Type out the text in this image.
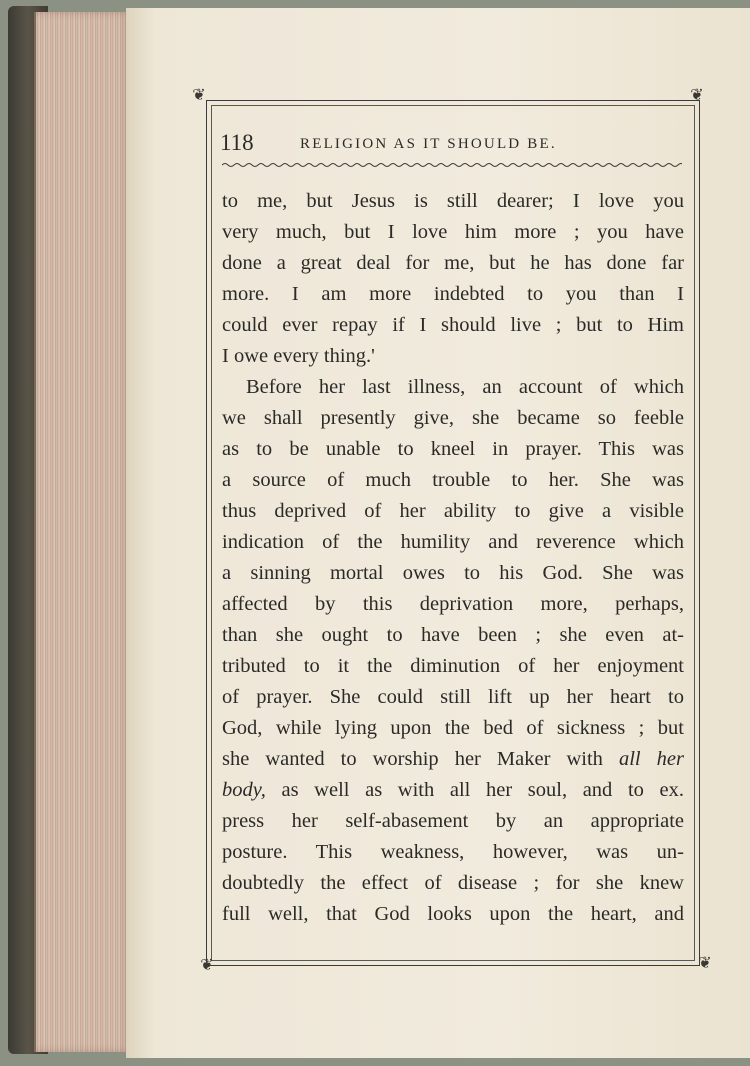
❦	❦
❦	❦
118	RELIGION AS IT SHOULD BE.
to me, but Jesus is still dearer; I love you
very much, but I love him more ; you have
done a great deal for me, but he has done far
more. I am more indebted to you than I
could ever repay if I should live ; but to Him
I owe every thing.'
Before her last illness, an account of which
we shall presently give, she became so feeble
as to be unable to kneel in prayer. This was
a source of much trouble to her. She was
thus deprived of her ability to give a visible
indication of the humility and reverence which
a sinning mortal owes to his God. She was
affected by this deprivation more, perhaps,
than she ought to have been ; she even at-
tributed to it the diminution of her enjoyment
of prayer. She could still lift up her heart to
God, while lying upon the bed of sickness ; but
she wanted to worship her Maker with all her
body, as well as with all her soul, and to ex.
press her self-abasement by an appropriate
posture. This weakness, however, was un-
doubtedly the effect of disease ; for she knew
full well, that God looks upon the heart, and
